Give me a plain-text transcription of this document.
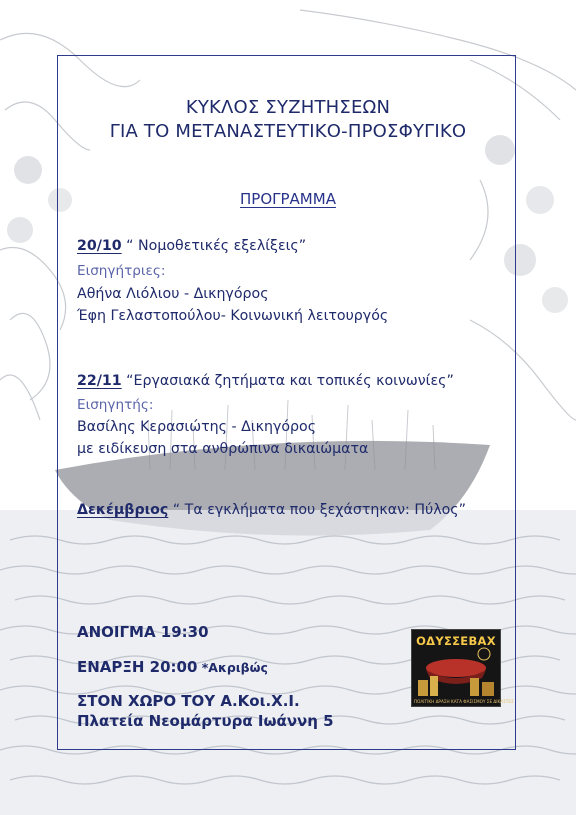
ΚΥΚΛΟΣ ΣΥΖΗΤΗΣΕΩΝ
ΓΙΑ ΤΟ ΜΕΤΑΝΑΣΤΕΥΤΙΚΟ-ΠΡΟΣΦΥΓΙΚΟ
ΠΡΟΓΡΑΜΜΑ
20/10 “ Νομοθετικές εξελίξεις”
Εισηγήτριες:
Αθήνα Λιόλιου - Δικηγόρος
Έφη Γελαστοπούλου- Κοινωνική λειτουργός
22/11 “Εργασιακά ζητήματα και τοπικές κοινωνίες”
Εισηγητής:
Βασίλης Κερασιώτης - Δικηγόρος
με ειδίκευση στα ανθρώπινα δικαιώματα
Δεκέμβριος “ Τα εγκλήματα που ξεχάστηκαν: Πύλος”
ΑΝΟΙΓΜΑ 19:30
ΕΝΑΡΞΗ 20:00 *Ακριβώς
ΣΤΟΝ ΧΩΡΟ ΤΟΥ Α.Κοι.Χ.Ι.
Πλατεία Νεομάρτυρα Ιωάννη 5
ΟΔΥΣΣΕΒΑΧ
ΠΟΛΙΤΙΚΗ ΔΡΑΣΗ ΚΑΤΑ ΦΑΣΙΣΜΟΥ ΣΕ ΔΙΚΑΣΤΕΣ
